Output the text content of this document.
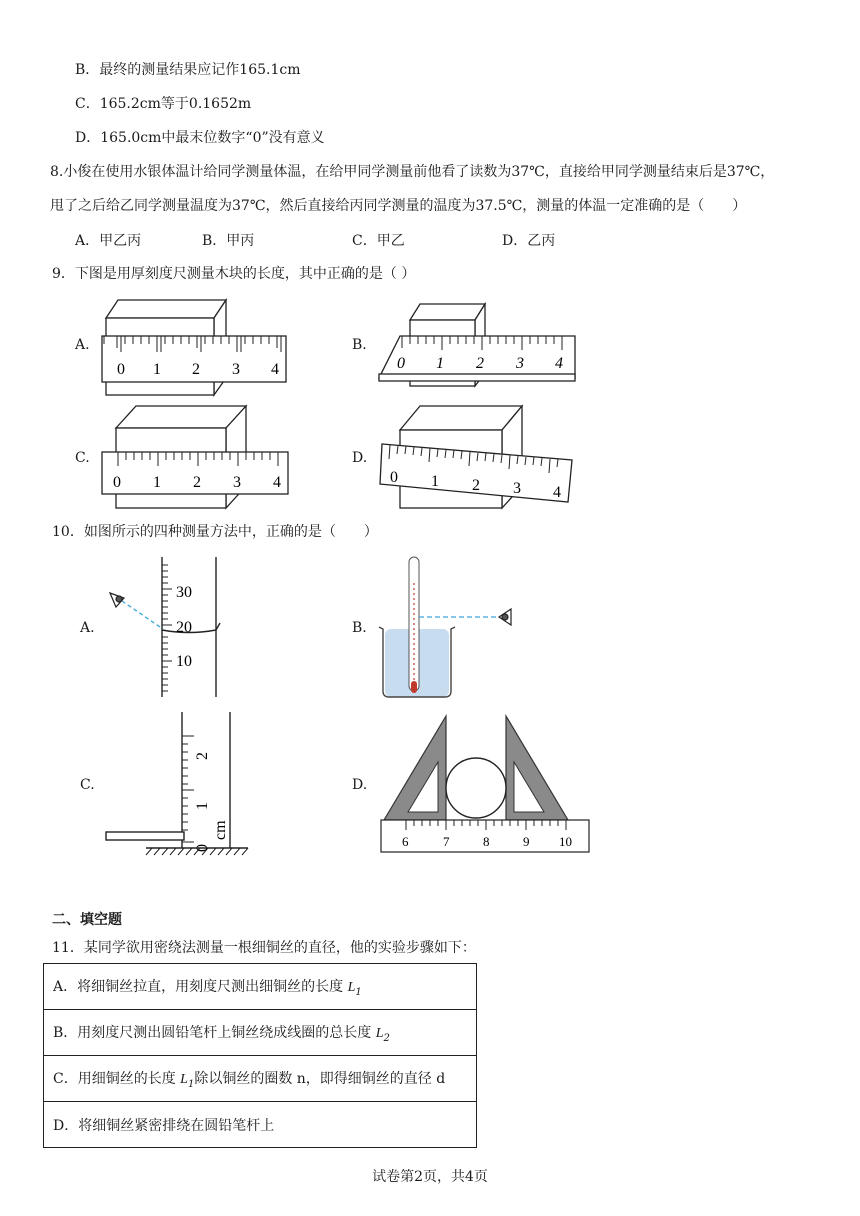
B．最终的测量结果应记作165.1cm
C．165.2cm等于0.1652m
D．165.0cm中最末位数字“0”没有意义
8.小俊在使用水银体温计给同学测量体温，在给甲同学测量前他看了读数为37℃，直接给甲同学测量结束后是37℃，
甩了之后给乙同学测量温度为37℃，然后直接给丙同学测量的温度为37.5℃，测量的体温一定准确的是（　　）
A．甲乙丙	B．甲丙	C．甲乙	D．乙丙
9．下图是用厚刻度尺测量木块的长度，其中正确的是（ ）
A.	B.
C.	D.
0 1 2 3 4	0 1 2 3 4
0 1 2 3 4	0 1 2 3 4
10．如图所示的四种测量方法中，正确的是（　　）
A.	B.
C.	D.
30
20
10
2
1
0
cm
6	7	8	9 10
二、填空题
11．某同学欲用密绕法测量一根细铜丝的直径，他的实验步骤如下：
A．将细铜丝拉直，用刻度尺测出细铜丝的长度 $L_1$
B．用刻度尺测出圆铅笔杆上铜丝绕成线圈的总长度 $L_2$
C．用细铜丝的长度 $L_1$除以铜丝的圈数 n，即得细铜丝的直径 d
D．将细铜丝紧密排绕在圆铅笔杆上
试卷第2页，共4页
